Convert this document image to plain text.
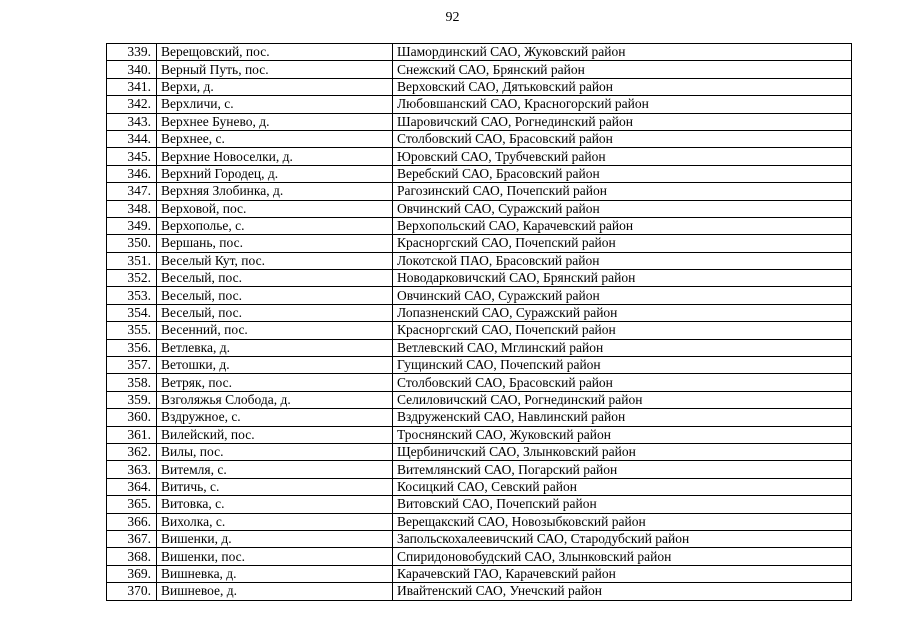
92
339.	Верещовский, пос.	Шамординский САО, Жуковский район
340.	Верный Путь, пос.	Снежский САО, Брянский район
341.	Верхи, д.	Верховский САО, Дятьковский район
342.	Верхличи, с.	Любовшанский САО, Красногорский район
343.	Верхнее Бунево, д.	Шаровичский САО, Рогнединский район
344.	Верхнее, с.	Столбовский САО, Брасовский район
345.	Верхние Новоселки, д.	Юровский САО, Трубчевский район
346.	Верхний Городец, д.	Веребский САО, Брасовский район
347.	Верхняя Злобинка, д.	Рагозинский САО, Почепский район
348.	Верховой, пос.	Овчинский САО, Суражский район
349.	Верхополье, с.	Верхопольский САО, Карачевский район
350.	Вершань, пос.	Красноргский САО, Почепский район
351.	Веселый Кут, пос.	Локотской ПАО, Брасовский район
352.	Веселый, пос.	Новодарковичский САО, Брянский район
353.	Веселый, пос.	Овчинский САО, Суражский район
354.	Веселый, пос.	Лопазненский САО, Суражский район
355.	Весенний, пос.	Красноргский САО, Почепский район
356.	Ветлевка, д.	Ветлевский САО, Мглинский район
357.	Ветошки, д.	Гущинский САО, Почепский район
358.	Ветряк, пос.	Столбовский САО, Брасовский район
359.	Взголяжья Слобода, д.	Селиловичский САО, Рогнединский район
360.	Вздружное, с.	Вздруженский САО, Навлинский район
361.	Вилейский, пос.	Троснянский САО, Жуковский район
362.	Вилы, пос.	Щербиничский САО, Злынковский район
363.	Витемля, с.	Витемлянский САО, Погарский район
364.	Витичь, с.	Косицкий САО, Севский район
365.	Витовка, с.	Витовский САО, Почепский район
366.	Вихолка, с.	Верещакский САО, Новозыбковский район
367.	Вишенки, д.	Запольскохалеевичский САО, Стародубский район
368.	Вишенки, пос.	Спиридоновобудский САО, Злынковский район
369.	Вишневка, д.	Карачевский ГАО, Карачевский район
370.	Вишневое, д.	Ивайтенский САО, Унечский район
